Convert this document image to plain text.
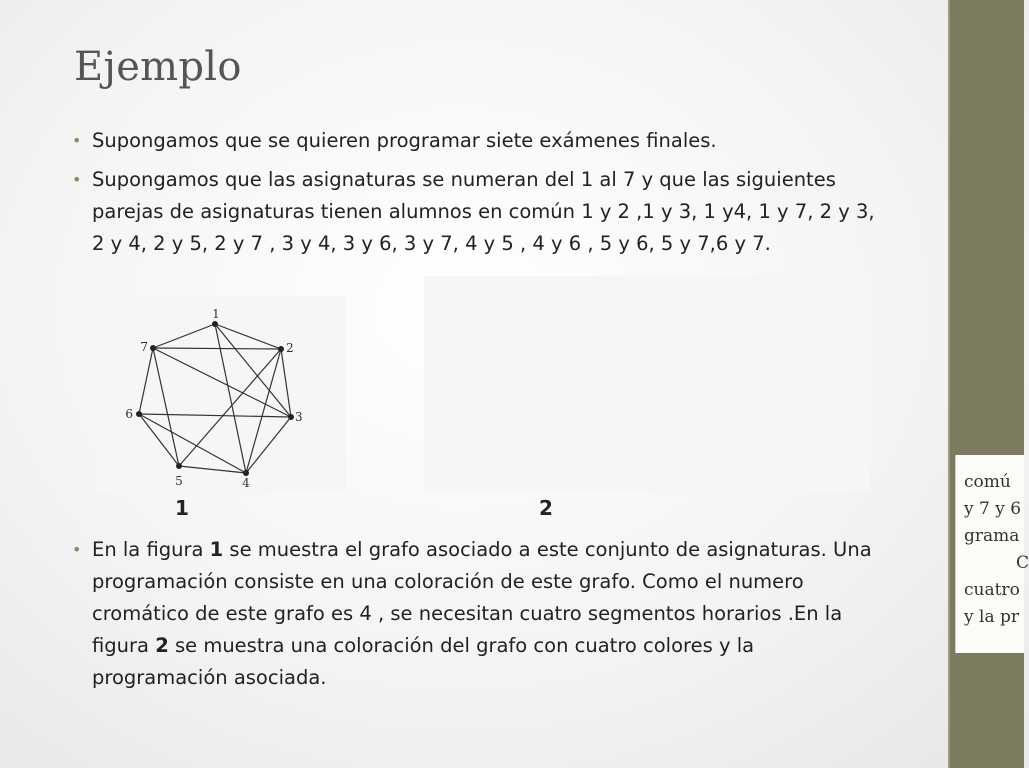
comú
y 7 y 6
grama
C
cuatro
y la pr
Ejemplo
• Supongamos que se quieren programar siete exámenes finales.
• Supongamos que las asignaturas se numeran del 1 al 7 y que las siguientes parejas de asignaturas tienen alumnos en común 1 y 2 ,1 y 3, 1 y4, 1 y 7, 2 y 3, 2 y 4, 2 y 5, 2 y 7 , 3 y 4, 3 y 6, 3 y 7, 4 y 5 , 4 y 6 , 5 y 6, 5 y 7,6 y 7.
1
2
3
4
5
6
7
1	2
• En la figura 1 se muestra el grafo asociado a este conjunto de asignaturas. Una programación consiste en una coloración de este grafo. Como el numero cromático de este grafo es 4 , se necesitan cuatro segmentos horarios .En la figura 2 se muestra una coloración del grafo con cuatro colores y la programación asociada.
